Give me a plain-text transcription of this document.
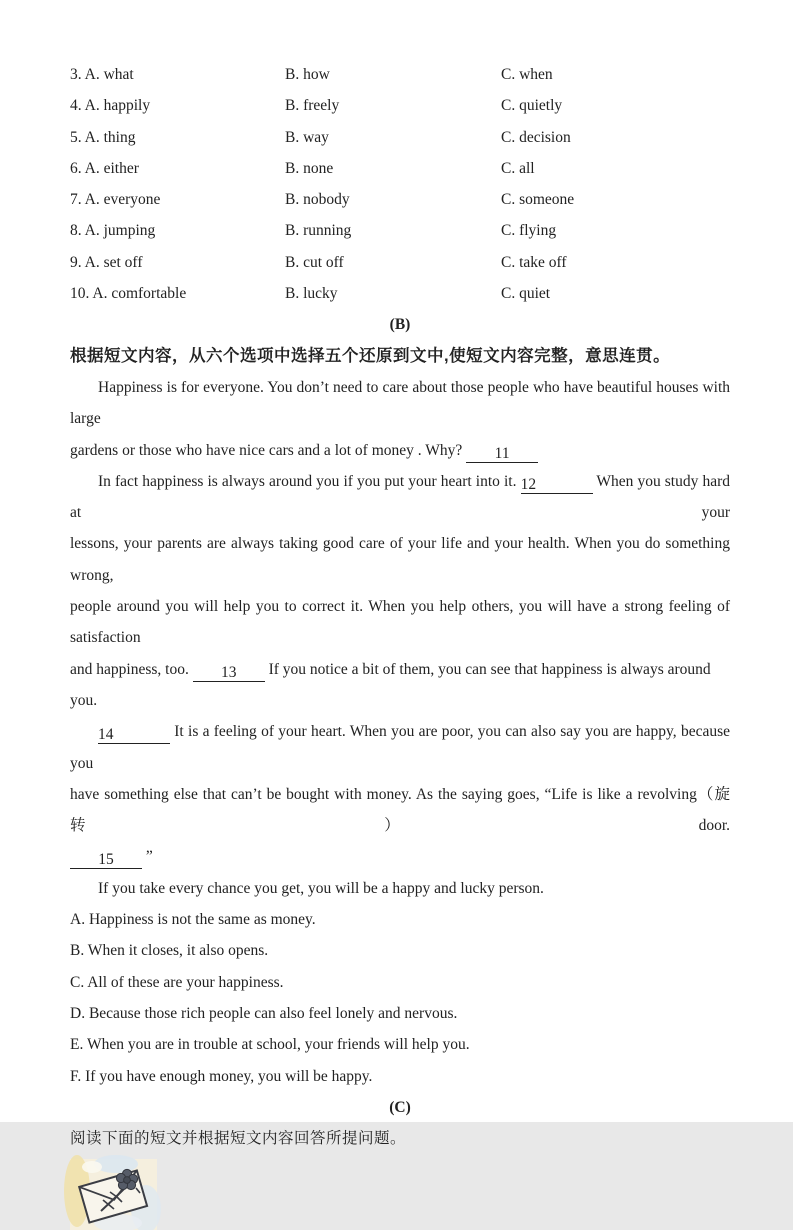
3. A. what	B. how	C. when
4. A. happily	B. freely	C. quietly
5. A. thing	B. way	C. decision
6. A. either	B. none	C. all
7. A. everyone	B. nobody	C. someone
8. A. jumping	B. running	C. flying
9. A. set off	B. cut off	C. take off
10. A. comfortable	B. lucky	C. quiet
(B)
根据短文内容，从六个选项中选择五个还原到文中,使短文内容完整，意思连贯。
Happiness is for everyone. You don’t need to care about those people who have beautiful houses with large
gardens or those who have nice cars and a lot of money . Why? 11
In fact happiness is always around you if you put your heart into it. 12	When you study hard at your
lessons, your parents are always taking good care of your life and your health. When you do something wrong,
people around you will help you to correct it. When you help others, you will have a strong feeling of satisfaction
and happiness, too. 13 If you notice a bit of them, you can see that happiness is always around you.
14	It is a feeling of your heart. When you are poor, you can also say you are happy, because you
have something else that can’t be bought with money. As the saying goes, “Life is like a revolving（旋转）door.
15 ”
If you take every chance you get, you will be a happy and lucky person.
A. Happiness is not the same as money.
B. When it closes, it also opens.
C. All of these are your happiness.
D. Because those rich people can also feel lonely and nervous.
E. When you are in trouble at school, your friends will help you.
F. If you have enough money, you will be happy.
(C)
阅读下面的短文并根据短文内容回答所提问题。
